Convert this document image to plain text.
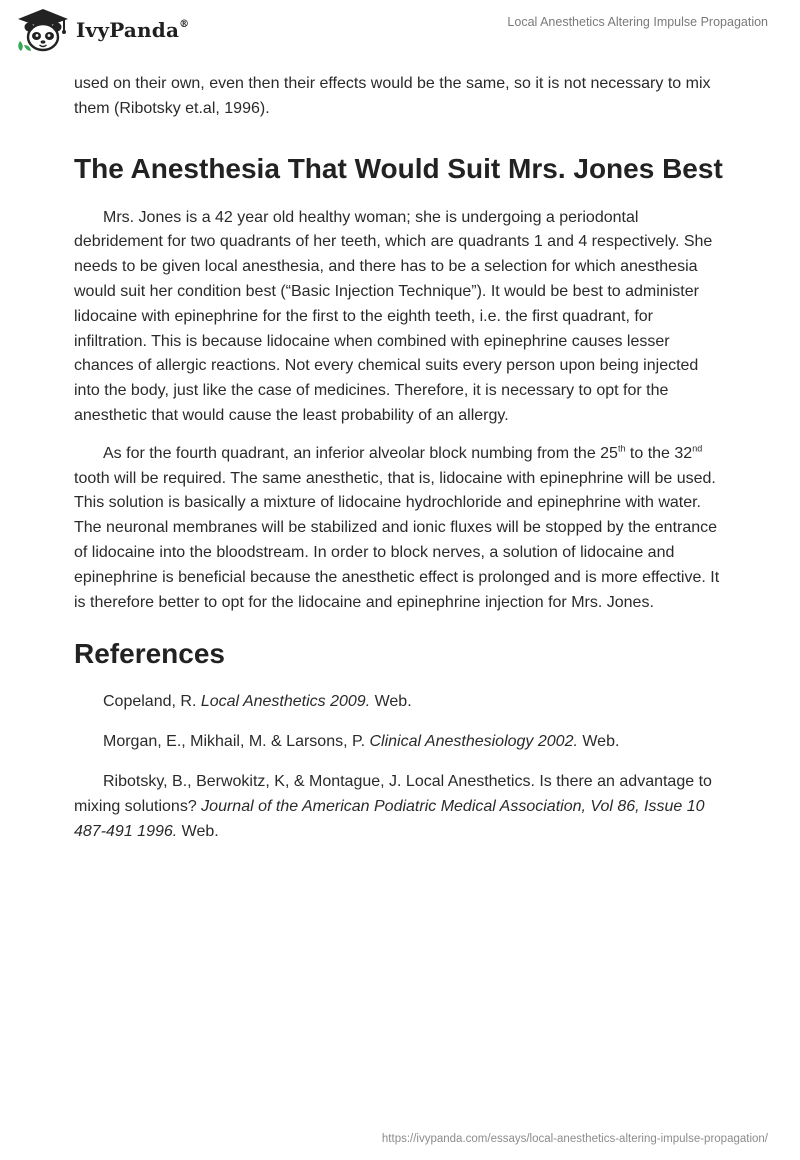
IvyPanda®	Local Anesthetics Altering Impulse Propagation

used on their own, even then their effects would be the same, so it is not necessary to mix them (Ribotsky et.al, 1996).

The Anesthesia That Would Suit Mrs. Jones Best

Mrs. Jones is a 42 year old healthy woman; she is undergoing a periodontal debridement for two quadrants of her teeth, which are quadrants 1 and 4 respectively. She needs to be given local anesthesia, and there has to be a selection for which anesthesia would suit her condition best (“Basic Injection Technique”). It would be best to administer lidocaine with epinephrine for the first to the eighth teeth, i.e. the first quadrant, for infiltration. This is because lidocaine when combined with epinephrine causes lesser chances of allergic reactions. Not every chemical suits every person upon being injected into the body, just like the case of medicines. Therefore, it is necessary to opt for the anesthetic that would cause the least probability of an allergy.

As for the fourth quadrant, an inferior alveolar block numbing from the 25th to the 32nd tooth will be required. The same anesthetic, that is, lidocaine with epinephrine will be used. This solution is basically a mixture of lidocaine hydrochloride and epinephrine with water. The neuronal membranes will be stabilized and ionic fluxes will be stopped by the entrance of lidocaine into the bloodstream. In order to block nerves, a solution of lidocaine and epinephrine is beneficial because the anesthetic effect is prolonged and is more effective. It is therefore better to opt for the lidocaine and epinephrine injection for Mrs. Jones.

References

Copeland, R. Local Anesthetics 2009. Web.

Morgan, E., Mikhail, M. & Larsons, P. Clinical Anesthesiology 2002. Web.

Ribotsky, B., Berwokitz, K, & Montague, J. Local Anesthetics. Is there an advantage to mixing solutions? Journal of the American Podiatric Medical Association, Vol 86, Issue 10 487-491 1996. Web.

https://ivypanda.com/essays/local-anesthetics-altering-impulse-propagation/
